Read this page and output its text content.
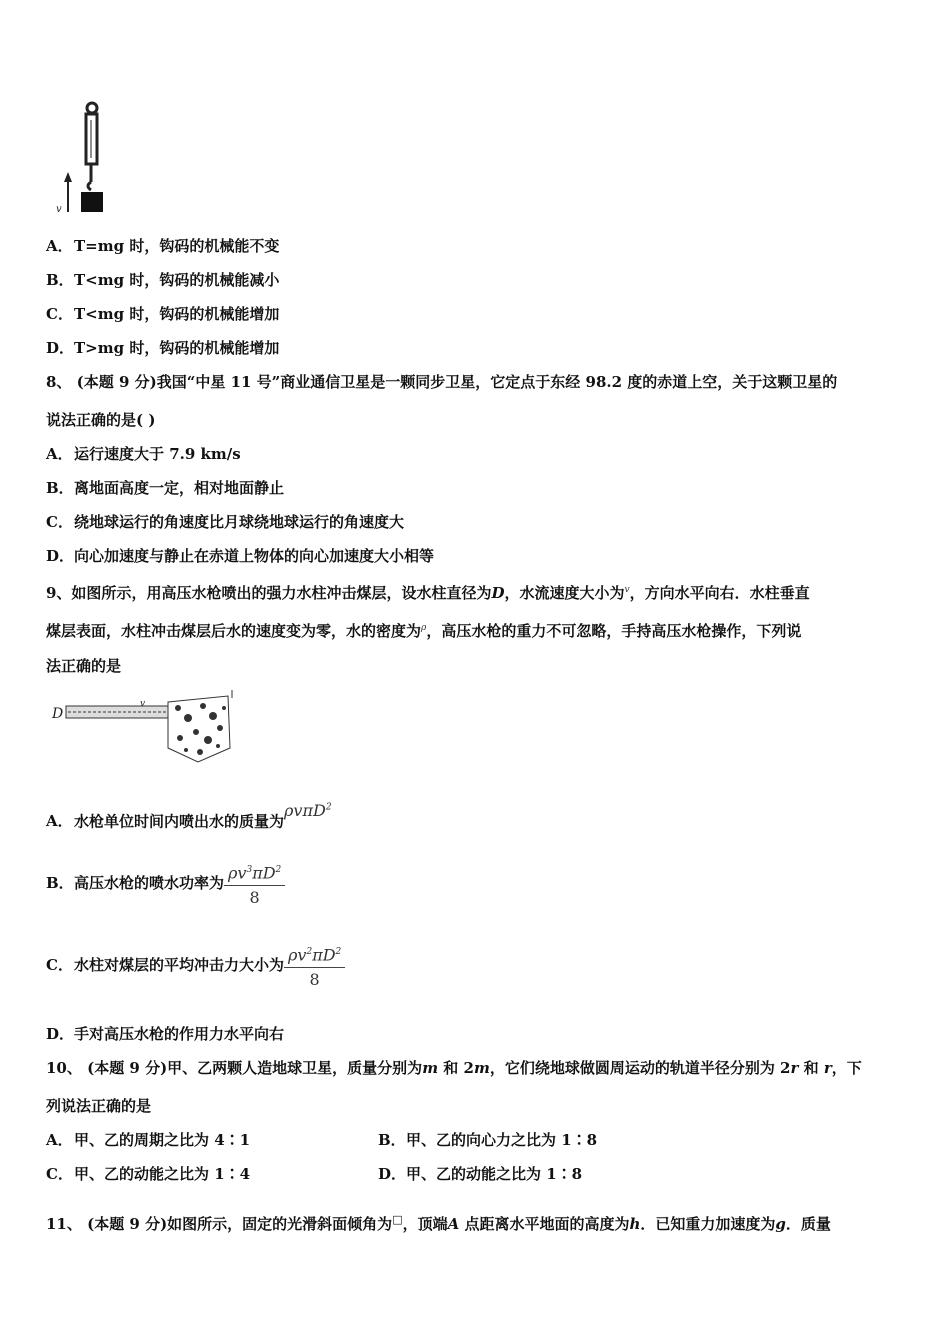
v
A．T=mg 时，钩码的机械能不变
B．T<mg 时，钩码的机械能减小
C．T<mg 时，钩码的机械能增加
D．T>mg 时，钩码的机械能增加
8、 (本题 9 分)我国“中星 11 号”商业通信卫星是一颗同步卫星，它定点于东经 98.2 度的赤道上空，关于这颗卫星的
说法正确的是( )
A．运行速度大于 7.9 km/s
B．离地面高度一定，相对地面静止
C．绕地球运行的角速度比月球绕地球运行的角速度大
D．向心加速度与静止在赤道上物体的向心加速度大小相等
9、如图所示，用高压水枪喷出的强力水柱冲击煤层，设水柱直径为D，水流速度大小为$^v$，方向水平向右．水柱垂直
煤层表面，水柱冲击煤层后水的速度变为零，水的密度为$^\rho$，高压水枪的重力不可忽略，手持高压水枪操作，下列说
法正确的是
D
v
A．水枪单位时间内喷出水的质量为ρvπD$^2$
B．高压水枪的喷水功率为 $\frac{\rho v^3\pi D^2}{8}$
C．水柱对煤层的平均冲击力大小为 $\frac{\rho v^2\pi D^2}{8}$
D．手对高压水枪的作用力水平向右
10、 (本题 9 分)甲、乙两颗人造地球卫星，质量分别为m 和 2m，它们绕地球做圆周运动的轨道半径分别为 2r 和 r，下
列说法正确的是
A．甲、乙的周期之比为 4∶1	B．甲、乙的向心力之比为 1∶8
C．甲、乙的动能之比为 1∶4	D．甲、乙的动能之比为 1∶8
11、 (本题 9 分)如图所示，固定的光滑斜面倾角为□，顶端A 点距离水平地面的高度为h．已知重力加速度为g．质量
